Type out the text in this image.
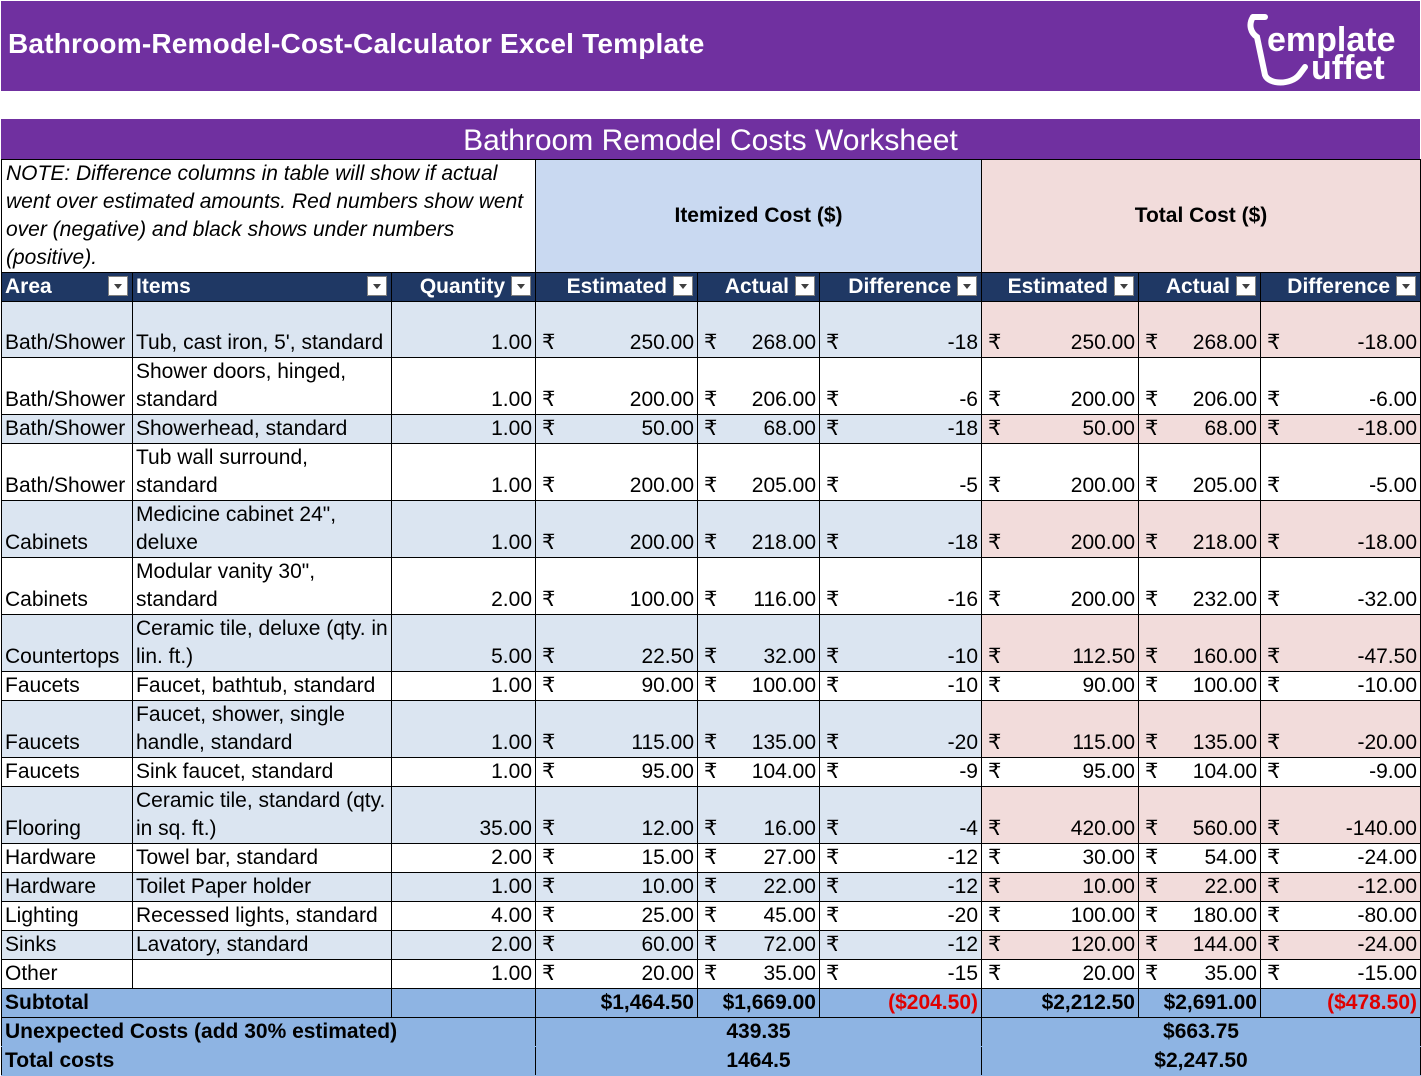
Bathroom-Remodel-Cost-Calculator Excel Template	emplate
uffet
Bathroom Remodel Costs Worksheet
NOTE: Difference columns in table will show if actual went over estimated amounts. Red numbers show went over (negative) and black shows under numbers (positive).			Itemized Cost ($)			Total Cost ($)		
Area	Items	Quantity	Estimated	Actual	Difference	Estimated	Actual	Difference

Bath/Shower	Tub, cast iron, 5', standard	1.00	₹ 250.00	₹ 268.00	₹ -18	₹ 250.00	₹ 268.00	₹ -18.00
Bath/Shower	Shower doors, hinged, standard	1.00	₹ 200.00	₹ 206.00	₹ -6	₹ 200.00	₹ 206.00	₹ -6.00
Bath/Shower	Showerhead, standard	1.00	₹ 50.00	₹ 68.00	₹ -18	₹ 50.00	₹ 68.00	₹ -18.00
Bath/Shower	Tub wall surround, standard	1.00	₹ 200.00	₹ 205.00	₹ -5	₹ 200.00	₹ 205.00	₹ -5.00
Cabinets	Medicine cabinet 24", deluxe	1.00	₹ 200.00	₹ 218.00	₹ -18	₹ 200.00	₹ 218.00	₹ -18.00
Cabinets	Modular vanity 30", standard	2.00	₹ 100.00	₹ 116.00	₹ -16	₹ 200.00	₹ 232.00	₹ -32.00
Countertops	Ceramic tile, deluxe (qty. in lin. ft.)	5.00	₹ 22.50	₹ 32.00	₹ -10	₹ 112.50	₹ 160.00	₹ -47.50
Faucets	Faucet, bathtub, standard	1.00	₹ 90.00	₹ 100.00	₹ -10	₹ 90.00	₹ 100.00	₹ -10.00
Faucets	Faucet, shower, single handle, standard	1.00	₹ 115.00	₹ 135.00	₹ -20	₹ 115.00	₹ 135.00	₹ -20.00
Faucets	Sink faucet, standard	1.00	₹ 95.00	₹ 104.00	₹ -9	₹ 95.00	₹ 104.00	₹ -9.00
Flooring	Ceramic tile, standard (qty. in sq. ft.)	35.00	₹ 12.00	₹ 16.00	₹ -4	₹ 420.00	₹ 560.00	₹ -140.00
Hardware	Towel bar, standard	2.00	₹ 15.00	₹ 27.00	₹ -12	₹ 30.00	₹ 54.00	₹ -24.00
Hardware	Toilet Paper holder	1.00	₹ 10.00	₹ 22.00	₹ -12	₹ 10.00	₹ 22.00	₹ -12.00
Lighting	Recessed lights, standard	4.00	₹ 25.00	₹ 45.00	₹ -20	₹ 100.00	₹ 180.00	₹ -80.00
Sinks	Lavatory, standard	2.00	₹ 60.00	₹ 72.00	₹ -12	₹ 120.00	₹ 144.00	₹ -24.00
Other		1.00	₹ 20.00	₹ 35.00	₹ -15	₹ 20.00	₹ 35.00	₹ -15.00
Subtotal			$1,464.50	$1,669.00	($204.50)	$2,212.50	$2,691.00	($478.50)
Unexpected Costs (add 30% estimated)			439.35			$663.75		
Total costs			1464.5			$2,247.50		
